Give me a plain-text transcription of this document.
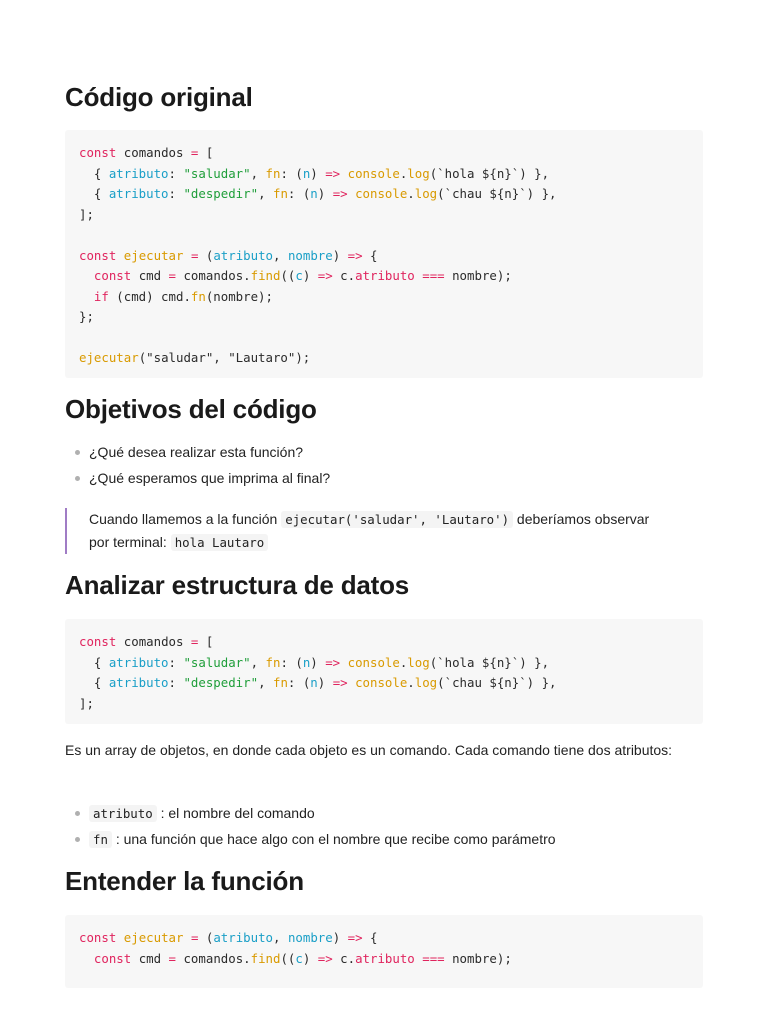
Código original
const comandos = [
{ atributo: "saludar", fn: (n) => console.log(`hola ${n}`) },
{ atributo: "despedir", fn: (n) => console.log(`chau ${n}`) },
];
const ejecutar = (atributo, nombre) => {
const cmd = comandos.find((c) => c.atributo === nombre);
if (cmd) cmd.fn(nombre);
};
ejecutar("saludar", "Lautaro");
Objetivos del código
¿Qué desea realizar esta función?
¿Qué esperamos que imprima al final?
Cuando llamemos a la función ejecutar('saludar', 'Lautaro') deberíamos observar
por terminal: hola Lautaro
Analizar estructura de datos
const comandos = [
{ atributo: "saludar", fn: (n) => console.log(`hola ${n}`) },
{ atributo: "despedir", fn: (n) => console.log(`chau ${n}`) },
];
Es un array de objetos, en donde cada objeto es un comando. Cada comando tiene dos atributos:
atributo : el nombre del comando
fn : una función que hace algo con el nombre que recibe como parámetro
Entender la función
const ejecutar = (atributo, nombre) => {
const cmd = comandos.find((c) => c.atributo === nombre);
